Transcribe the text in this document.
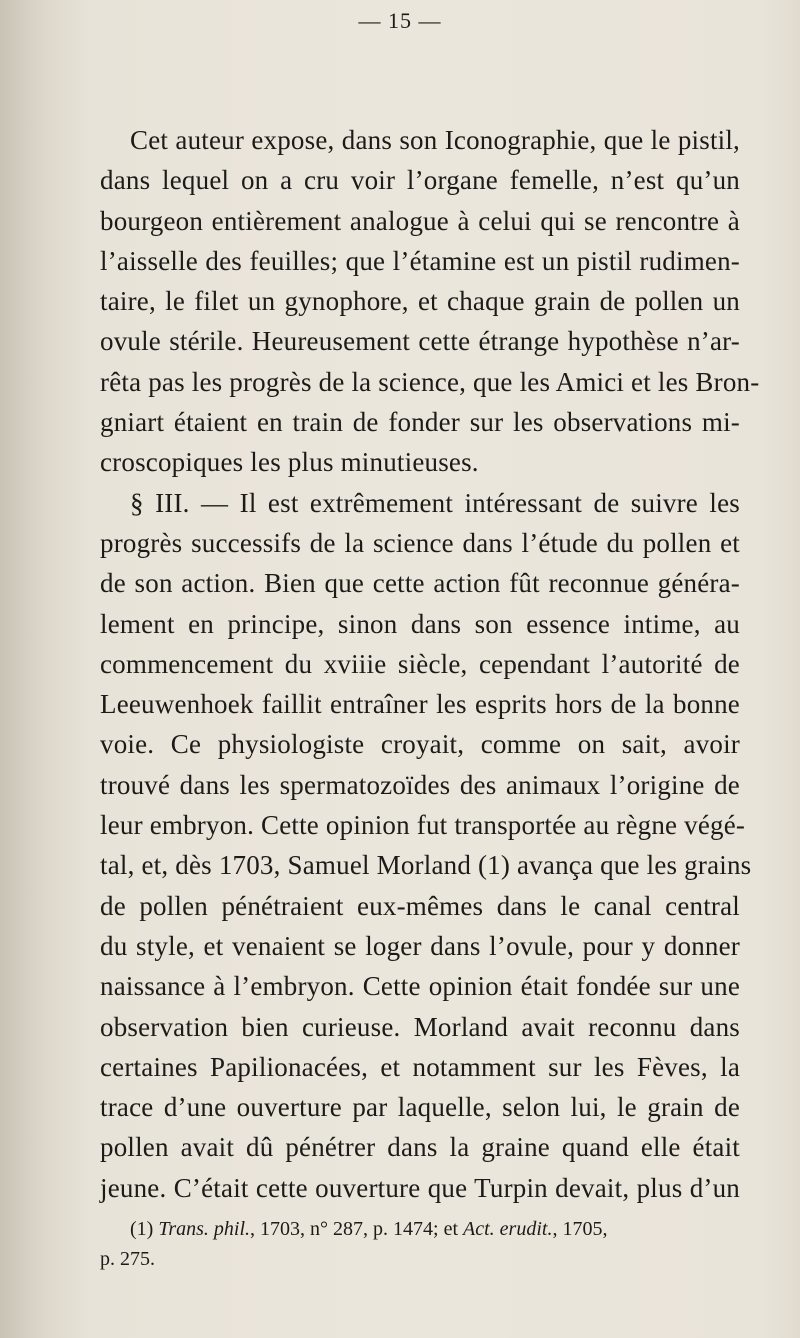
— 15 —
Cet auteur expose, dans son Iconographie, que le pistil,
dans lequel on a cru voir l’organe femelle, n’est qu’un
bourgeon entièrement analogue à celui qui se rencontre à
l’aisselle des feuilles; que l’étamine est un pistil rudimen-
taire, le filet un gynophore, et chaque grain de pollen un
ovule stérile. Heureusement cette étrange hypothèse n’ar-
rêta pas les progrès de la science, que les Amici et les Bron-
gniart étaient en train de fonder sur les observations mi-
croscopiques les plus minutieuses.
§ III. — Il est extrêmement intéressant de suivre les
progrès successifs de la science dans l’étude du pollen et
de son action. Bien que cette action fût reconnue généra-
lement en principe, sinon dans son essence intime, au
commencement du xviiie siècle, cependant l’autorité de
Leeuwenhoek faillit entraîner les esprits hors de la bonne
voie. Ce physiologiste croyait, comme on sait, avoir
trouvé dans les spermatozoïdes des animaux l’origine de
leur embryon. Cette opinion fut transportée au règne végé-
tal, et, dès 1703, Samuel Morland (1) avança que les grains
de pollen pénétraient eux-mêmes dans le canal central
du style, et venaient se loger dans l’ovule, pour y donner
naissance à l’embryon. Cette opinion était fondée sur une
observation bien curieuse. Morland avait reconnu dans
certaines Papilionacées, et notamment sur les Fèves, la
trace d’une ouverture par laquelle, selon lui, le grain de
pollen avait dû pénétrer dans la graine quand elle était
jeune. C’était cette ouverture que Turpin devait, plus d’un
(1) Trans. phil., 1703, n° 287, p. 1474; et Act. erudit., 1705,
p. 275.
